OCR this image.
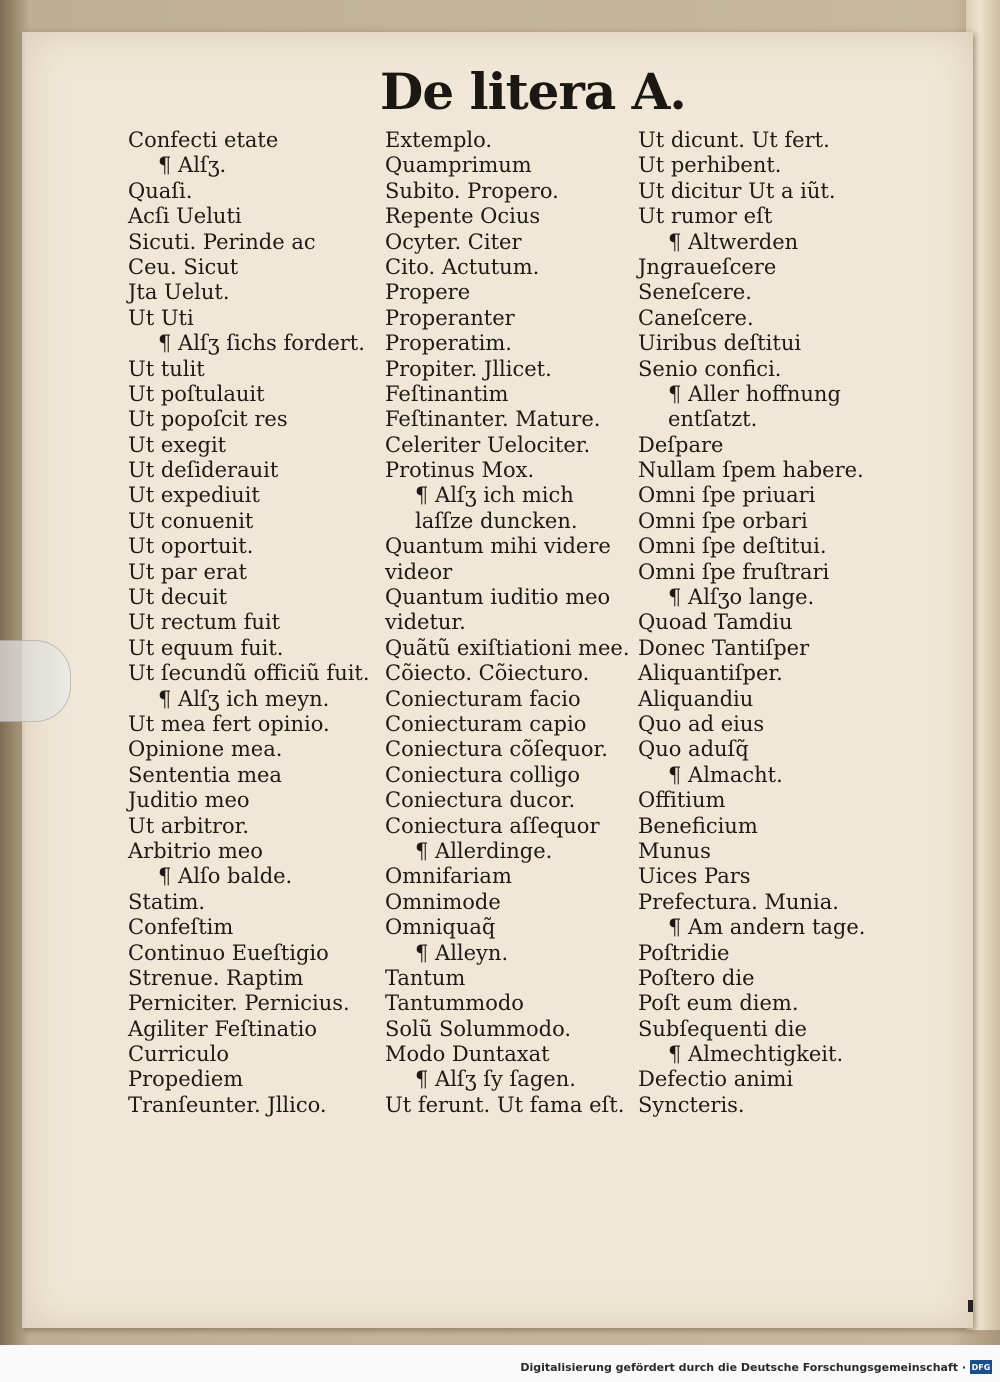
De litera A.
Confecti etate
¶ Alſʒ.
Quaſi.
Acſi Ueluti
Sicuti. Perinde ac
Ceu. Sicut
Jta Uelut.
Ut Uti
¶ Alſʒ ſichs fordert.
Ut tulit
Ut poſtulauit
Ut popoſcit res
Ut exegit
Ut deſiderauit
Ut expediuit
Ut conuenit
Ut oportuit.
Ut par erat
Ut decuit
Ut rectum fuit
Ut equum fuit.
Ut ſecundũ officiũ fuit.
¶ Alſʒ ich meyn.
Ut mea fert opinio.
Opinione mea.
Sententia mea
Juditio meo
Ut arbitror.
Arbitrio meo
¶ Alſo balde.
Statim.
Confeſtim
Continuo Eueſtigio
Strenue. Raptim
Perniciter. Pernicius.
Agiliter Feſtinatio
Curriculo
Propediem
Tranſeunter. Jllico.
Extemplo.
Quamprimum
Subito. Propero.
Repente Ocius
Ocyter. Citer
Cito. Actutum.
Propere
Properanter
Properatim.
Propiter. Jllicet.
Feſtinantim
Feſtinanter. Mature.
Celeriter Uelociter.
Protinus Mox.
¶ Alſʒ ich mich
laſſze duncken.
Quantum mihi videre
videor
Quantum iuditio meo
videtur.
Quãtũ exiſtiationi mee.
Cõiecto. Cõiecturo.
Coniecturam facio
Coniecturam capio
Coniectura cõſequor.
Coniectura colligo
Coniectura ducor.
Coniectura aſſequor
¶ Allerdinge.
Omnifariam
Omnimode
Omniquaq̃
¶ Alleyn.
Tantum
Tantummodo
Solũ Solummodo.
Modo Duntaxat
¶ Alſʒ ſy ſagen.
Ut ferunt. Ut fama eſt.
Ut dicunt. Ut fert.
Ut perhibent.
Ut dicitur Ut a iũt.
Ut rumor eſt
¶ Altwerden
Jngraueſcere
Seneſcere.
Caneſcere.
Uiribus deſtitui
Senio confici.
¶ Aller hoffnung
entſatzt.
Deſpare
Nullam ſpem habere.
Omni ſpe priuari
Omni ſpe orbari
Omni ſpe deſtitui.
Omni ſpe fruſtrari
¶ Alſʒo lange.
Quoad Tamdiu
Donec Tantiſper
Aliquantiſper.
Aliquandiu
Quo ad eius
Quo aduſq̃
¶ Almacht.
Offitium
Beneficium
Munus
Uices Pars
Prefectura. Munia.
¶ Am andern tage.
Poſtridie
Poſtero die
Poſt eum diem.
Subſequenti die
¶ Almechtigkeit.
Defectio animi
Syncteris.
Digitalisierung gefördert durch die Deutsche Forschungsgemeinschaft · DFG
